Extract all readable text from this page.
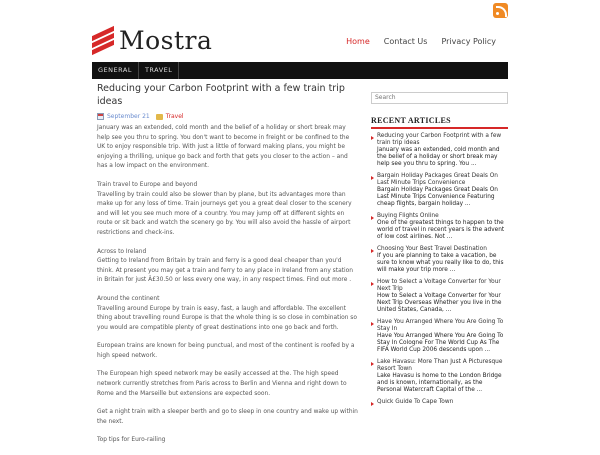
Mostra	Home	Contact Us	Privacy Policy
GENERAL	TRAVEL
Reducing your Carbon Footprint with a few train trip ideas
September 21	Travel

January was an extended, cold month and the belief of a holiday or short break may help see you thru to spring. You don't want to become in freight or be confined to the UK to enjoy responsible trip. With just a little of forward making plans, you might be enjoying a thrilling, unique go back and forth that gets you closer to the action – and has a low impact on the environment.

Train travel to Europe and beyond
Travelling by train could also be slower than by plane, but its advantages more than make up for any loss of time. Train journeys get you a great deal closer to the scenery and will let you see much more of a country. You may jump off at different sights en route or sit back and watch the scenery go by. You will also avoid the hassle of airport restrictions and check-ins.

Across to Ireland
Getting to Ireland from Britain by train and ferry is a good deal cheaper than you'd think. At present you may get a train and ferry to any place in Ireland from any station in Britain for just Â£30.50 or less every one way, in any respect times. Find out more .

Around the continent
Travelling around Europe by train is easy, fast, a laugh and affordable. The excellent thing about travelling round Europe is that the whole thing is so close in combination so you would are compatible plenty of great destinations into one go back and forth.

European trains are known for being punctual, and most of the continent is roofed by a high speed network.

The European high speed network may be easily accessed at the. The high speed network currently stretches from Paris across to Berlin and Vienna and right down to Rome and the Marseille but extensions are expected soon.

Get a night train with a sleeper berth and go to sleep in one country and wake up within the next.

Top tips for Euro-railing

Search
RECENT ARTICLES
Reducing your Carbon Footprint with a few train trip ideas
January was an extended, cold month and the belief of a holiday or short break may help see you thru to spring. You ...
Bargain Holiday Packages Great Deals On Last Minute Trips Convenience
Bargain Holiday Packages Great Deals On Last Minute Trips Convenience Featuring cheap flights, bargain holiday ...
Buying Flights Online
One of the greatest things to happen to the world of travel in recent years is the advent of low cost airlines. Not ...
Choosing Your Best Travel Destination
If you are planning to take a vacation, be sure to know what you really like to do, this will make your trip more ...
How to Select a Voltage Converter for Your Next Trip
How to Select a Voltage Converter for Your Next Trip Overseas Whether you live in the United States, Canada, ...
Have You Arranged Where You Are Going To Stay In
Have You Arranged Where You Are Going To Stay In Cologne For The World Cup As The FIFA World Cup 2006 descends upon ...
Lake Havasu: More Than Just A Picturesque Resort Town
Lake Havasu is home to the London Bridge and is known, internationally, as the Personal Watercraft Capital of the ...
Quick Guide To Cape Town
